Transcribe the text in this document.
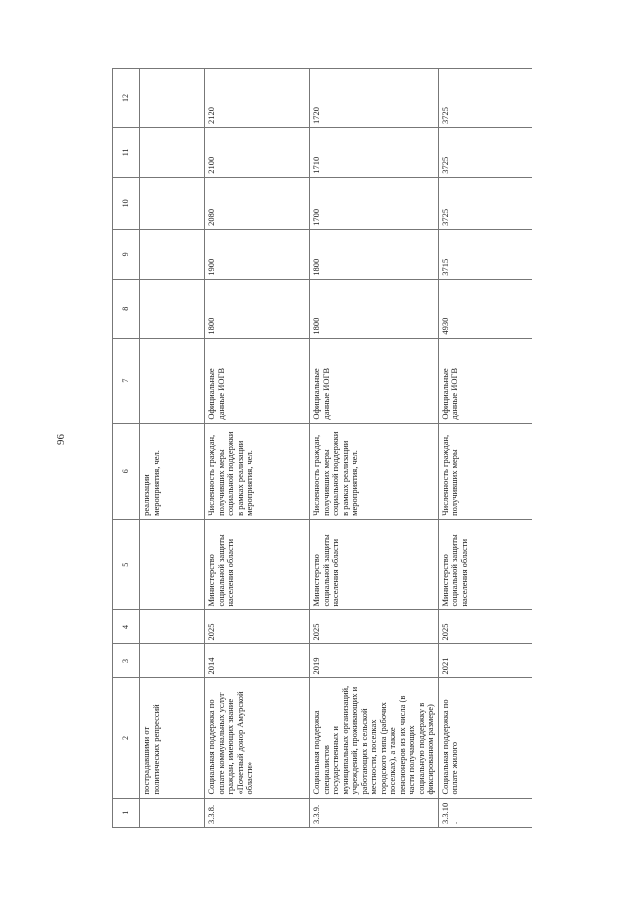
96
1	2	3	4	5	6	7	8	9	10	11	12
	пострадавшими от политических репрессий				реализации мероприятия, чел.						
3.3.8.	Социальная поддержка по оплате коммунальных услуг граждан, имеющих звание «Почетный донор Амурской области»	2014	2025	Министерство социальной защиты населения области	Численность граждан, получивших меры социальной поддержки в рамках реализации мероприятия, чел.	Официальные данные ИОГВ	1800	1900	2080	2100	2120
3.3.9.	Социальная поддержка специалистов государственных и муниципальных организаций, учреждений, проживающих и работающих в сельской местности, поселках городского типа (рабочих поселках), а также пенсионеров из их числа (в части получающих социальную поддержку в фиксированном размере)	2019	2025	Министерство социальной защиты населения области	Численность граждан, получивших меры социальной поддержки в рамках реализации мероприятия, чел.	Официальные данные ИОГВ	1800	1800	1700	1710	1720
3.3.10.	Социальная поддержка по оплате жилого	2021	2025	Министерство социальной защиты населения области	Численность граждан, получивших меры	Официальные данные ИОГВ	4930	3715	3725	3725	3725
